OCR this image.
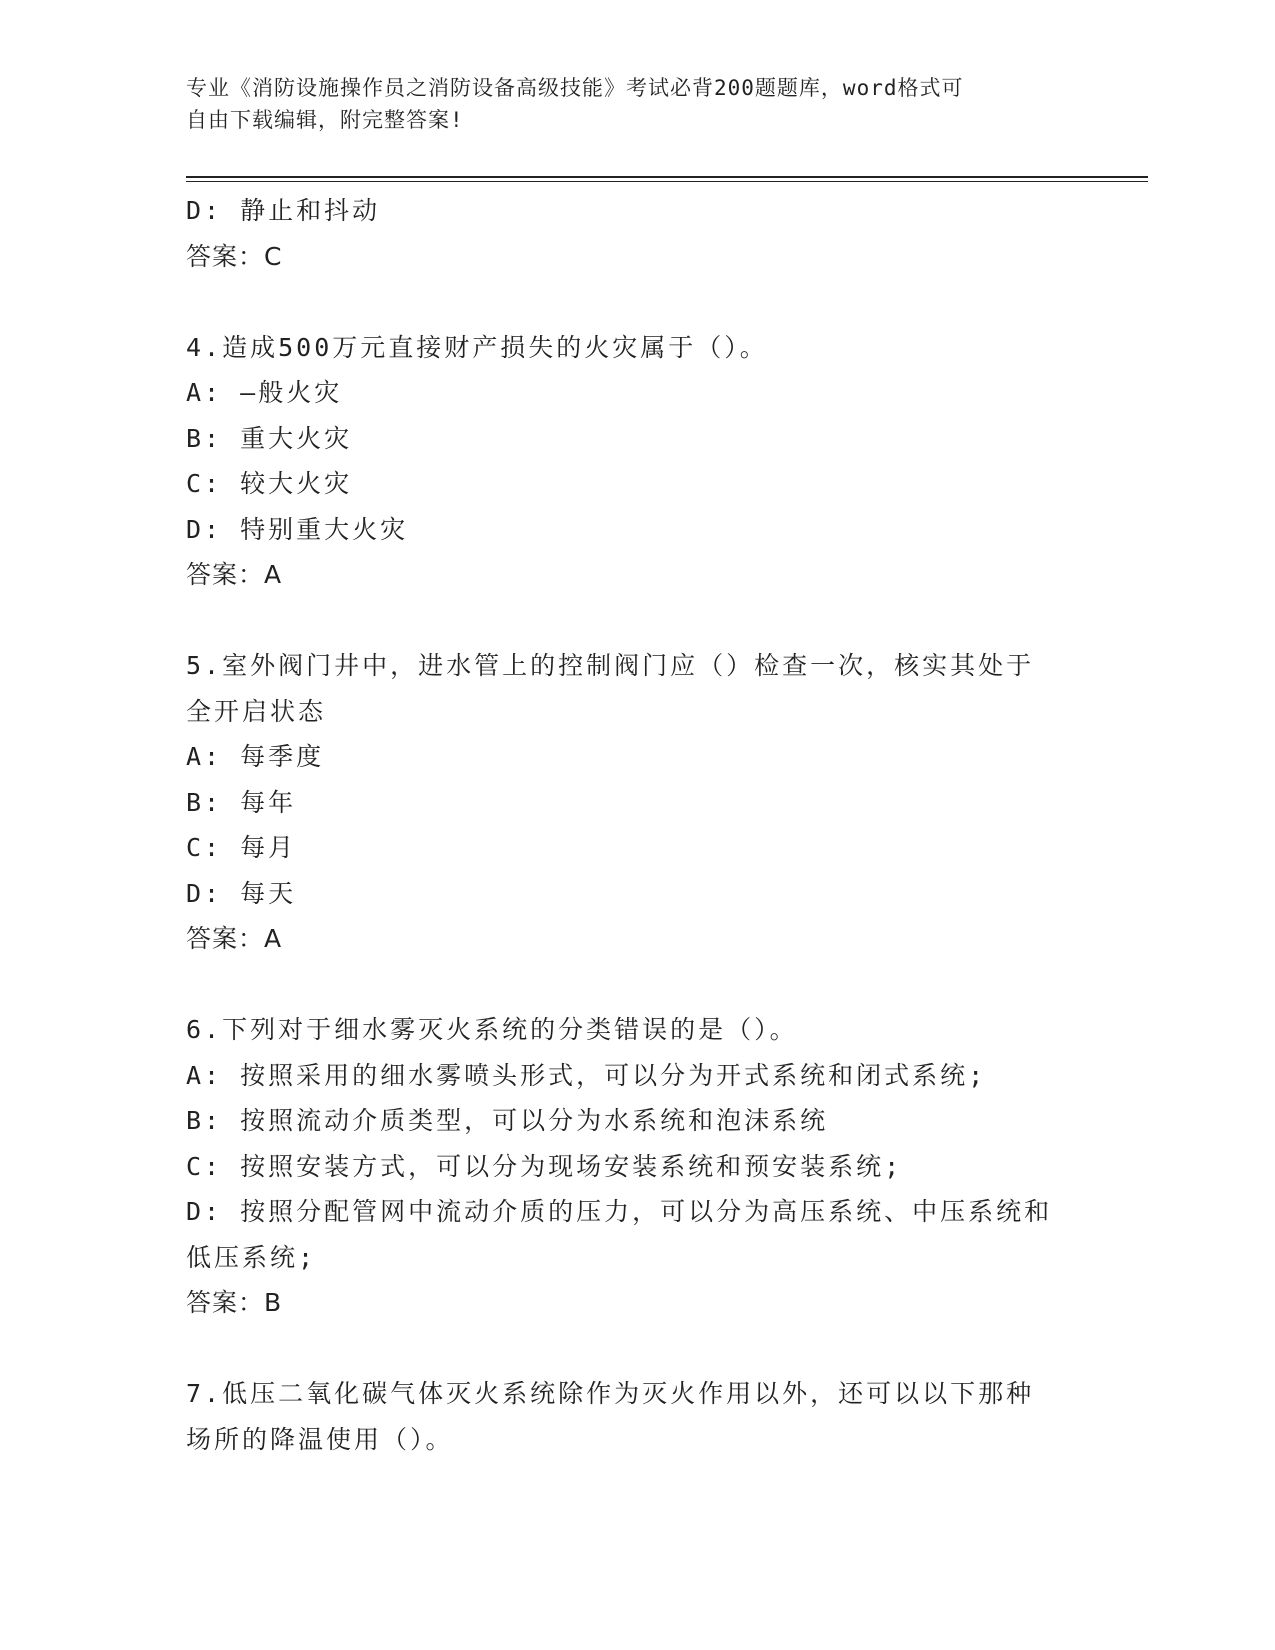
专业《消防设施操作员之消防设备高级技能》考试必背200题题库，word格式可
自由下载编辑，附完整答案!
D: 静止和抖动
答案：C
4.造成500万元直接财产损失的火灾属于（）。
A: —般火灾
B: 重大火灾
C: 较大火灾
D: 特别重大火灾
答案：A
5.室外阀门井中，进水管上的控制阀门应（）检查一次，核实其处于
全开启状态
A: 每季度
B: 每年
C: 每月
D: 每天
答案：A
6.下列对于细水雾灭火系统的分类错误的是（）。
A: 按照采用的细水雾喷头形式，可以分为开式系统和闭式系统;
B: 按照流动介质类型，可以分为水系统和泡沫系统
C: 按照安装方式，可以分为现场安装系统和预安装系统;
D: 按照分配管网中流动介质的压力，可以分为高压系统、中压系统和
低压系统;
答案：B
7.低压二氧化碳气体灭火系统除作为灭火作用以外，还可以以下那种
场所的降温使用（）。
